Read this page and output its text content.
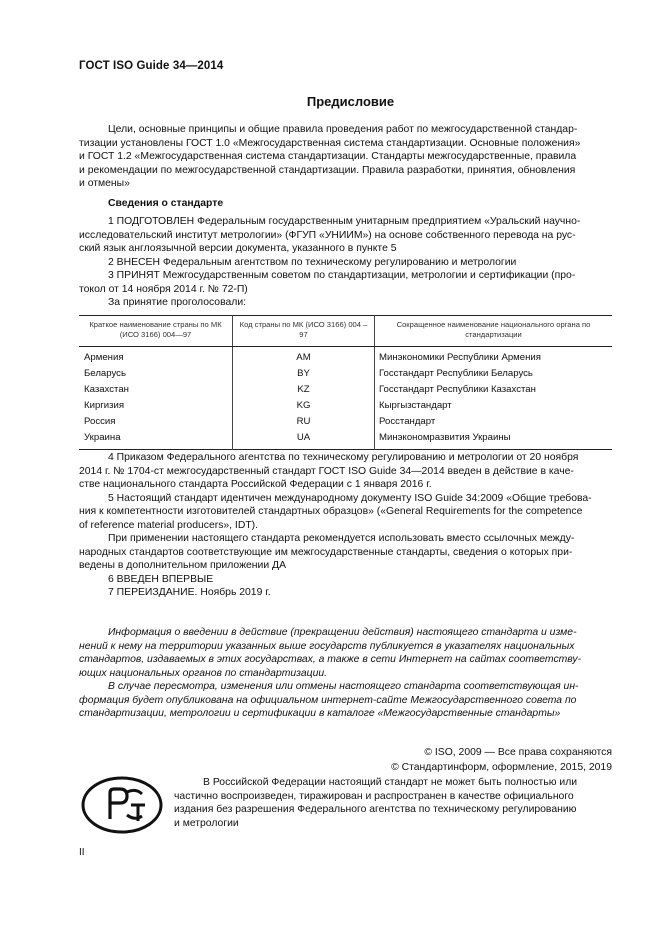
ГОСТ ISO Guide 34—2014
Предисловие
Цели, основные принципы и общие правила проведения работ по межгосударственной стандар-
тизации установлены ГОСТ 1.0 «Межгосударственная система стандартизации. Основные положения»
и ГОСТ 1.2 «Межгосударственная система стандартизации. Стандарты межгосударственные, правила
и рекомендации по межгосударственной стандартизации. Правила разработки, принятия, обновления
и отмены»
Сведения о стандарте
1 ПОДГОТОВЛЕН Федеральным государственным унитарным предприятием «Уральский научно-
исследовательский институт метрологии» (ФГУП «УНИИМ») на основе собственного перевода на рус-
ский язык англоязычной версии документа, указанного в пункте 5
2 ВНЕСЕН Федеральным агентством по техническому регулированию и метрологии
3 ПРИНЯТ Межгосударственным советом по стандартизации, метрологии и сертификации (про-
токол от 14 ноября 2014 г. № 72-П)
За принятие проголосовали:
Краткое наименование страны по МК (ИСО 3166) 004—97	Код страны по МК (ИСО 3166) 004 – 97	Сокращенное наименование национального органа по стандартизации
Армения	AM	Минэкономики Республики Армения
Беларусь	BY	Госстандарт Республики Беларусь
Казахстан	KZ	Госстандарт Республики Казахстан
Киргизия	KG	Кыргызстандарт
Россия	RU	Росстандарт
Украина	UA	Минэкономразвития Украины
4 Приказом Федерального агентства по техническому регулированию и метрологии от 20 ноября
2014 г. № 1704-ст межгосударственный стандарт ГОСТ ISO Guide 34—2014 введен в действие в каче-
стве национального стандарта Российской Федерации с 1 января 2016 г.
5 Настоящий стандарт идентичен международному документу ISO Guide 34:2009 «Общие требова-
ния к компетентности изготовителей стандартных образцов» («General Requirements for the competence
of reference material producers», IDT).
При применении настоящего стандарта рекомендуется использовать вместо ссылочных между-
народных стандартов соответствующие им межгосударственные стандарты, сведения о которых при-
ведены в дополнительном приложении ДА
6 ВВЕДЕН ВПЕРВЫЕ
7 ПЕРЕИЗДАНИЕ. Ноябрь 2019 г.
Информация о введении в действие (прекращении действия) настоящего стандарта и изме-
нений к нему на территории указанных выше государств публикуется в указателях национальных
стандартов, издаваемых в этих государствах, а также в сети Интернет на сайтах соответству-
ющих национальных органов по стандартизации.
В случае пересмотра, изменения или отмены настоящего стандарта соответствующая ин-
формация будет опубликована на официальном интернет-сайте Межгосударственного совета по
стандартизации, метрологии и сертификации в каталоге «Межгосударственные стандарты»
© ISO, 2009 — Все права сохраняются
© Стандартинформ, оформление, 2015, 2019
В Российской Федерации настоящий стандарт не может быть полностью или
частично воспроизведен, тиражирован и распространен в качестве официального
издания без разрешения Федерального агентства по техническому регулированию
и метрологии
II
